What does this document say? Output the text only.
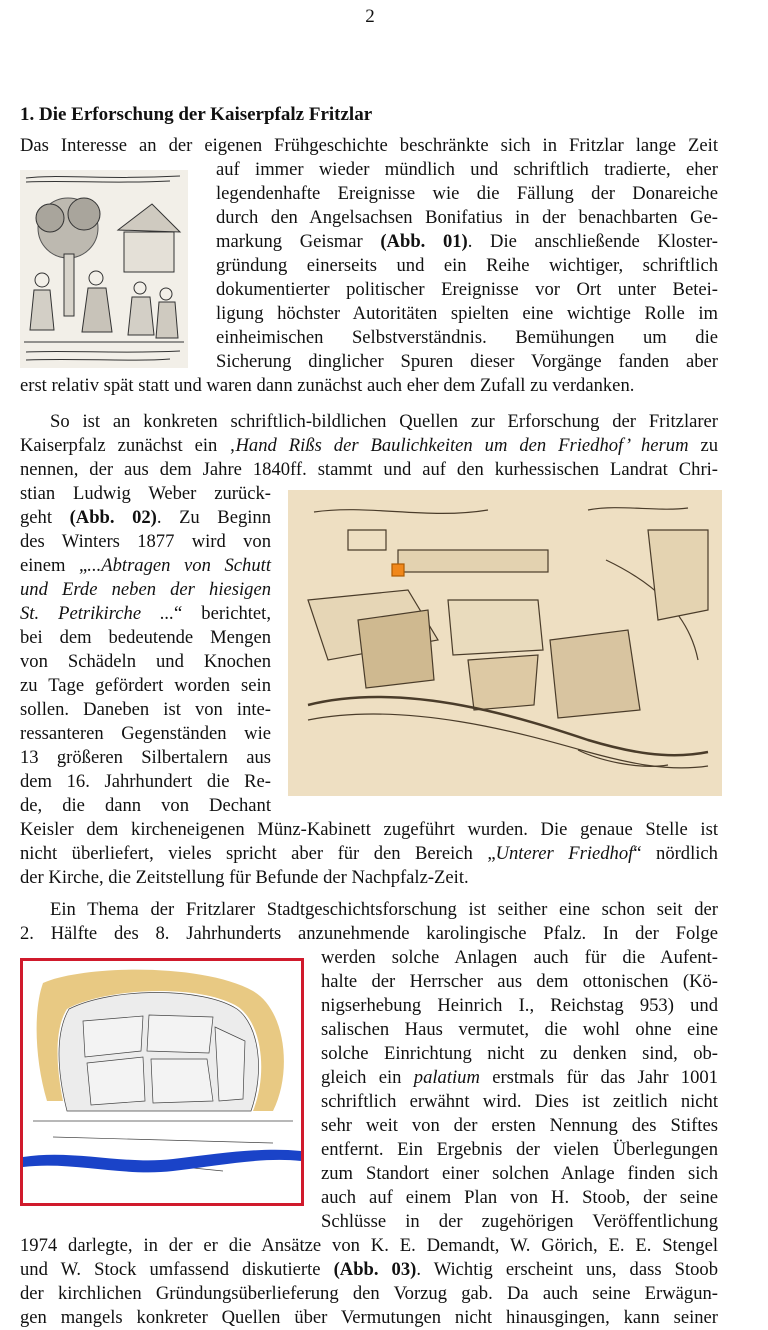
2
1. Die Erforschung der Kaiserpfalz Fritzlar
Das Interesse an der eigenen Frühgeschichte beschränkte sich in Fritzlar lange Zeit
auf immer wieder mündlich und schriftlich tradierte, eher
legendenhafte Ereignisse wie die Fällung der Donareiche
durch den Angelsachsen Bonifatius in der benachbarten Ge-
markung Geismar (Abb. 01). Die anschließende Kloster-
gründung einerseits und ein Reihe wichtiger, schriftlich
dokumentierter politischer Ereignisse vor Ort unter Betei-
ligung höchster Autoritäten spielten eine wichtige Rolle im
einheimischen Selbstverständnis. Bemühungen um die
Sicherung dinglicher Spuren dieser Vorgänge fanden aber
erst relativ spät statt und waren dann zunächst auch eher dem Zufall zu verdanken.
So ist an konkreten schriftlich-bildlichen Quellen zur Erforschung der Fritzlarer
Kaiserpfalz zunächst ein ‚Hand Rißs der Baulichkeiten um den Friedhof’ herum zu
nennen, der aus dem Jahre 1840ff. stammt und auf den kurhessischen Landrat Chri-
stian Ludwig Weber zurück-
geht (Abb. 02). Zu Beginn
des Winters 1877 wird von
einem „...Abtragen von Schutt
und Erde neben der hiesigen
St. Petrikirche ...“ berichtet,
bei dem bedeutende Mengen
von Schädeln und Knochen
zu Tage gefördert worden sein
sollen. Daneben ist von inte-
ressanteren Gegenständen wie
13 größeren Silbertalern aus
dem 16. Jahrhundert die Re-
de, die dann von Dechant
Keisler dem kircheneigenen Münz-Kabinett zugeführt wurden. Die genaue Stelle ist
nicht überliefert, vieles spricht aber für den Bereich „Unterer Friedhof“ nördlich
der Kirche, die Zeitstellung für Befunde der Nachpfalz-Zeit.
Ein Thema der Fritzlarer Stadtgeschichtsforschung ist seither eine schon seit der
2. Hälfte des 8. Jahrhunderts anzunehmende karolingische Pfalz. In der Folge
werden solche Anlagen auch für die Aufent-
halte der Herrscher aus dem ottonischen (Kö-
nigserhebung Heinrich I., Reichstag 953) und
salischen Haus vermutet, die wohl ohne eine
solche Einrichtung nicht zu denken sind, ob-
gleich ein palatium erstmals für das Jahr 1001
schriftlich erwähnt wird. Dies ist zeitlich nicht
sehr weit von der ersten Nennung des Stiftes
entfernt. Ein Ergebnis der vielen Überlegungen
zum Standort einer solchen Anlage finden sich
auch auf einem Plan von H. Stoob, der seine
Schlüsse in der zugehörigen Veröffentlichung
1974 darlegte, in der er die Ansätze von K. E. Demandt, W. Görich, E. E. Stengel
und W. Stock umfassend diskutierte (Abb. 03). Wichtig erscheint uns, dass Stoob
der kirchlichen Gründungsüberlieferung den Vorzug gab. Da auch seine Erwägun-
gen mangels konkreter Quellen über Vermutungen nicht hinausgingen, kann seiner
